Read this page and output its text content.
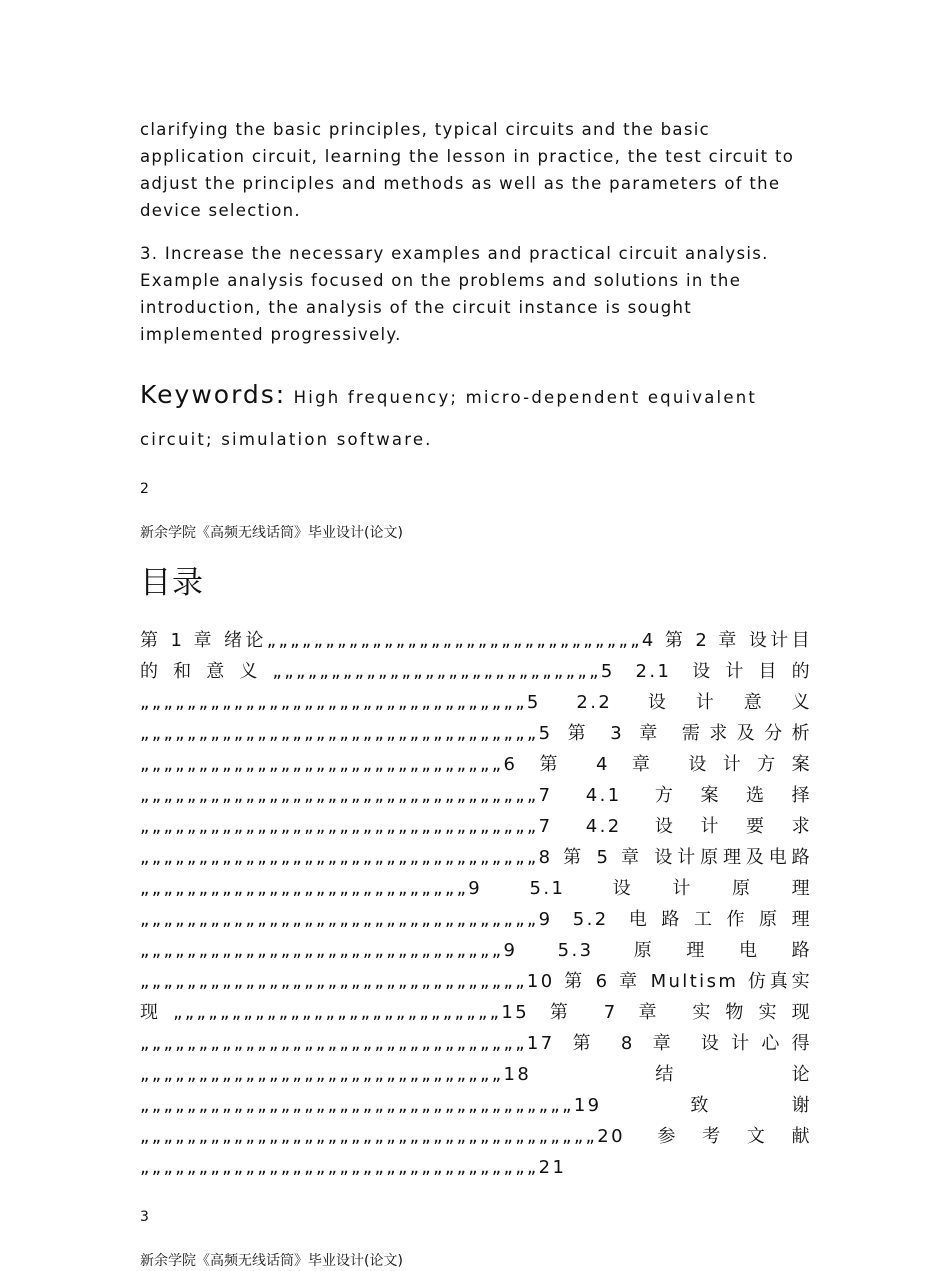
clarifying the basic principles, typical circuits and the basic application circuit, learning the lesson in practice, the test circuit to adjust the principles and methods as well as the parameters of the device selection.

3. Increase the necessary examples and practical circuit analysis. Example analysis focused on the problems and solutions in the introduction, the analysis of the circuit instance is sought implemented progressively.

Keywords: High frequency; micro-dependent equivalent circuit; simulation software.

2
新余学院《高频无线话筒》毕业设计(论文)
目录
第 1 章 绪论„„„„„„„„„„„„„„„„„„„„„„„„„„„„„„„„4 第 2 章 设计目的和意义„„„„„„„„„„„„„„„„„„„„„„„„„„„„5 2.1 设计目的„„„„„„„„„„„„„„„„„„„„„„„„„„„„„„„„„5 2.2 设计意义„„„„„„„„„„„„„„„„„„„„„„„„„„„„„„„„„„5 第 3 章 需求及分析„„„„„„„„„„„„„„„„„„„„„„„„„„„„„„„6 第 4 章 设计方案„„„„„„„„„„„„„„„„„„„„„„„„„„„„„„„„„„7 4.1 方案选择 „„„„„„„„„„„„„„„„„„„„„„„„„„„„„„„„„„7 4.2 设计要求„„„„„„„„„„„„„„„„„„„„„„„„„„„„„„„„„„8 第 5 章 设计原理及电路„„„„„„„„„„„„„„„„„„„„„„„„„„„„9 5.1 设计原理„„„„„„„„„„„„„„„„„„„„„„„„„„„„„„„„„„9 5.2 电路工作原理„„„„„„„„„„„„„„„„„„„„„„„„„„„„„„„9 5.3 原理电路„„„„„„„„„„„„„„„„„„„„„„„„„„„„„„„„„10 第 6 章 Multism 仿真实现„„„„„„„„„„„„„„„„„„„„„„„„„„„„15 第 7 章 实物实现„„„„„„„„„„„„„„„„„„„„„„„„„„„„„„„„„17 第 8 章 设计心得„„„„„„„„„„„„„„„„„„„„„„„„„„„„„„„18 结论„„„„„„„„„„„„„„„„„„„„„„„„„„„„„„„„„„„„„19 致谢„„„„„„„„„„„„„„„„„„„„„„„„„„„„„„„„„„„„„„„20 参考文献„„„„„„„„„„„„„„„„„„„„„„„„„„„„„„„„„„21
3
新余学院《高频无线话筒》毕业设计(论文)
